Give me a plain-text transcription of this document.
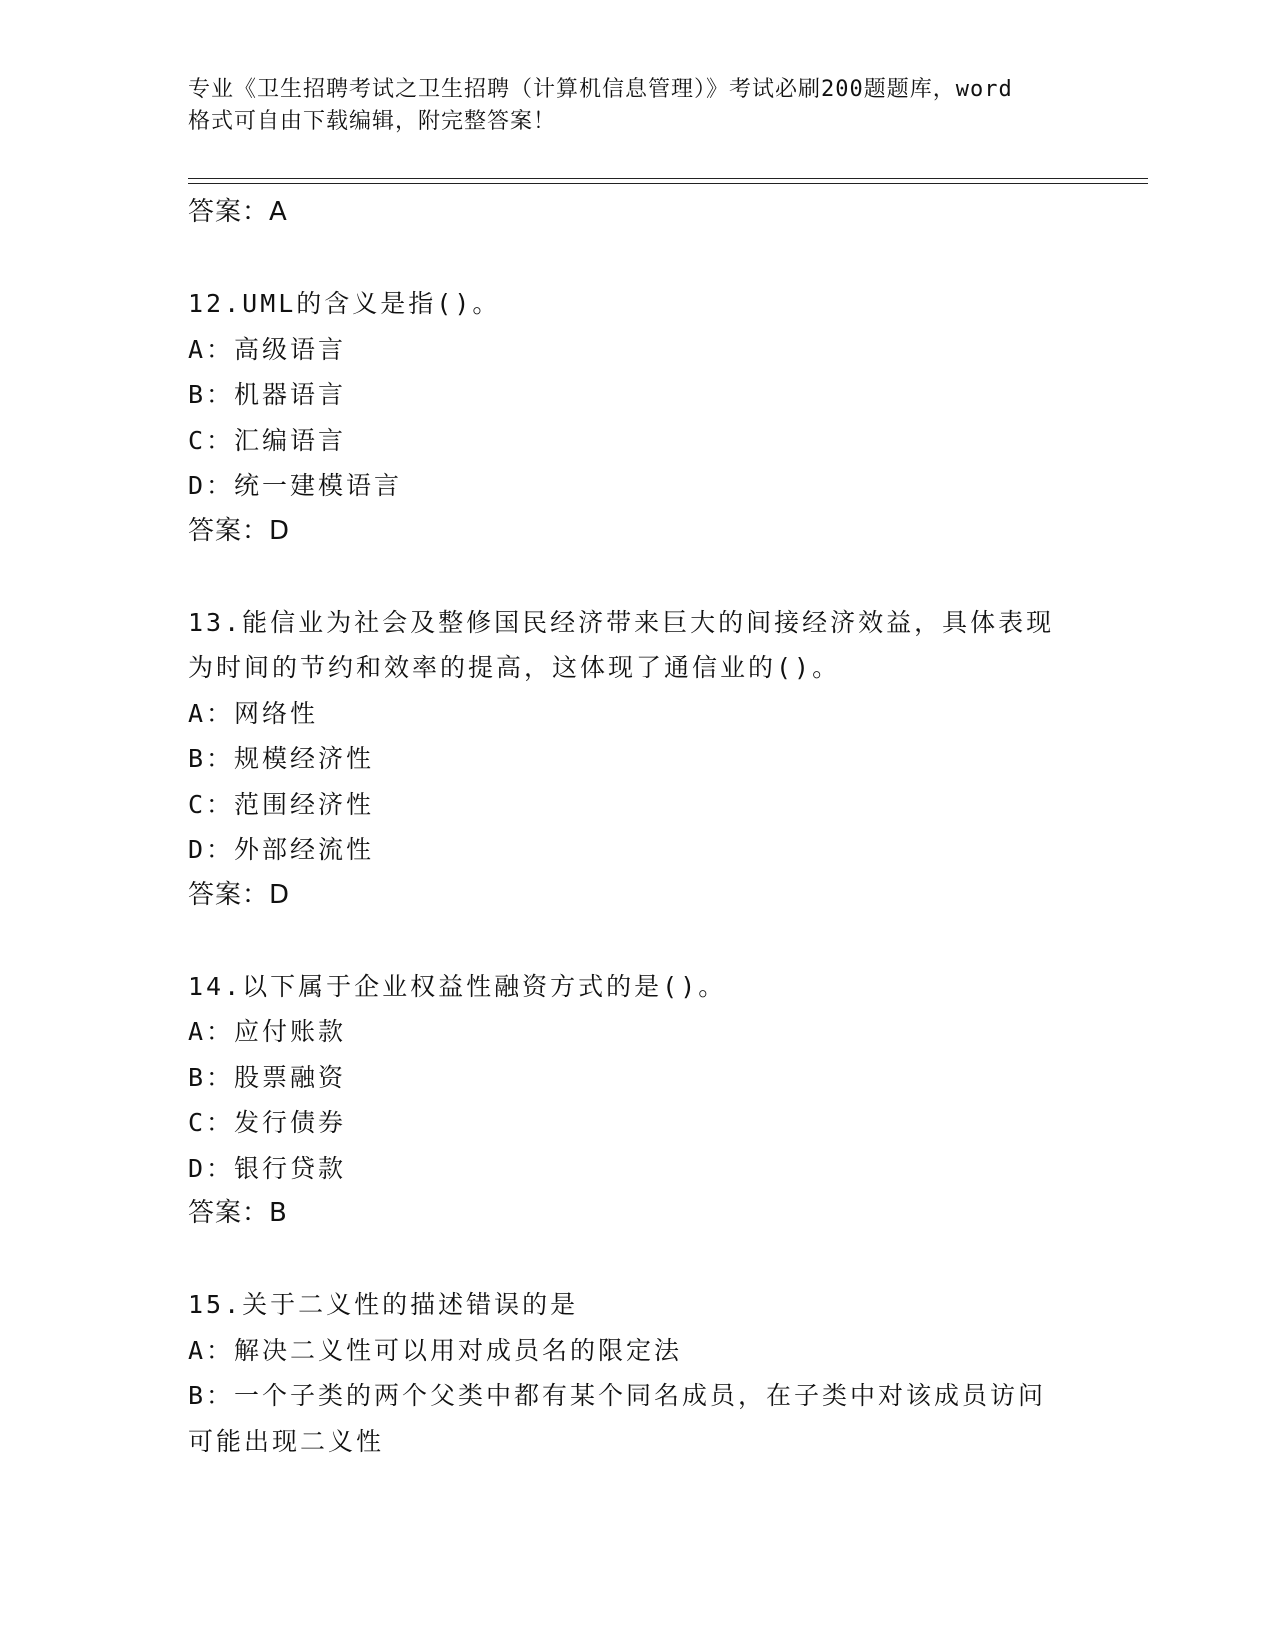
专业《卫生招聘考试之卫生招聘（计算机信息管理）》考试必刷200题题库，word
格式可自由下载编辑，附完整答案！
答案：A
12.UML的含义是指()。
A：高级语言
B：机器语言
C：汇编语言
D：统一建模语言
答案：D
13.能信业为社会及整修国民经济带来巨大的间接经济效益，具体表现为时间的节约和效率的提高，这体现了通信业的()。
A：网络性
B：规模经济性
C：范围经济性
D：外部经流性
答案：D
14.以下属于企业权益性融资方式的是()。
A：应付账款
B：股票融资
C：发行债券
D：银行贷款
答案：B
15.关于二义性的描述错误的是
A：解决二义性可以用对成员名的限定法
B：一个子类的两个父类中都有某个同名成员，在子类中对该成员访问可能出现二义性
